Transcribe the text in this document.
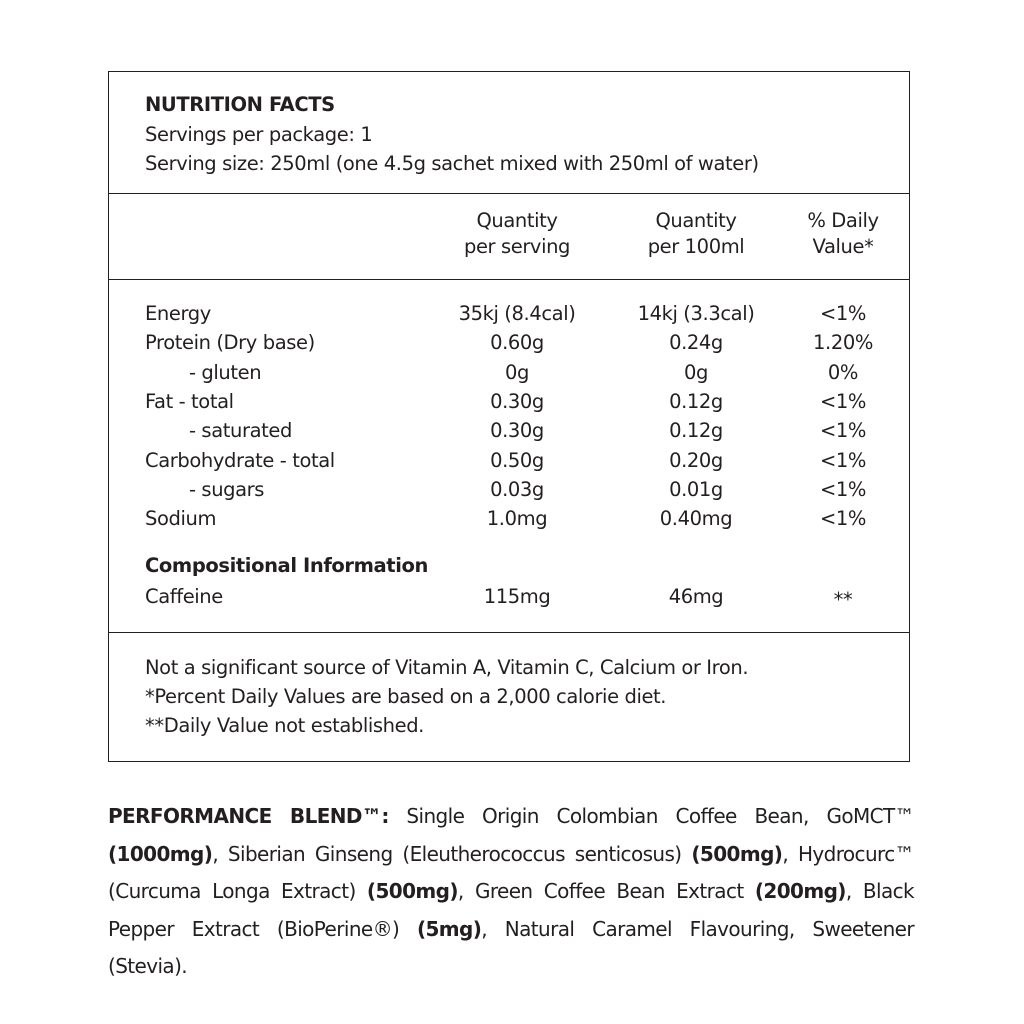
NUTRITION FACTS
Servings per package: 1
Serving size: 250ml (one 4.5g sachet mixed with 250ml of water)
Quantity
per serving
Quantity
per 100ml
% Daily
Value*
Energy	35kj (8.4cal)	14kj (3.3cal)	<1%
Protein (Dry base)	0.60g	0.24g	1.20%
- gluten	0g	0g	0%
Fat - total	0.30g	0.12g	<1%
- saturated	0.30g	0.12g	<1%
Carbohydrate - total	0.50g	0.20g	<1%
- sugars	0.03g	0.01g	<1%
Sodium	1.0mg	0.40mg	<1%
Compositional Information
Caffeine	115mg	46mg	**
Not a significant source of Vitamin A, Vitamin C, Calcium or Iron.
*Percent Daily Values are based on a 2,000 calorie diet.
**Daily Value not established.
PERFORMANCE BLEND™: Single Origin Colombian Coffee Bean, GoMCT™ (1000mg), Siberian Ginseng (Eleutherococcus senticosus) (500mg), Hydrocurc™ (Curcuma Longa Extract) (500mg), Green Coffee Bean Extract (200mg), Black Pepper Extract (BioPerine®) (5mg), Natural Caramel Flavouring, Sweetener (Stevia).
